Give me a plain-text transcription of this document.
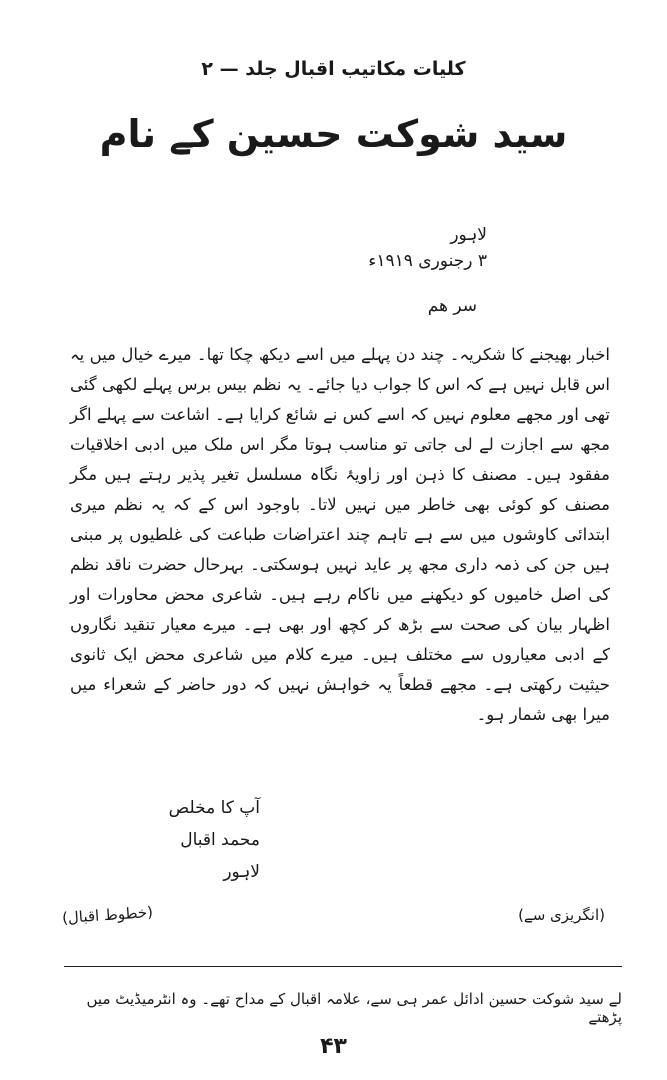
کلیات مکاتیب اقبال جلد — ۲
سید شوکت حسین کے نام
لاہور
۳ رجنوری ۱۹۱۹ء
سر ھم

اخبار بھیجنے کا شکریہ۔ چند دن پہلے میں اسے دیکھ چکا تھا۔ میرے خیال میں یہ اس قابل نہیں ہے کہ اس کا جواب دیا جائے۔ یہ نظم بیس برس پہلے لکھی گئی تھی اور مجھے معلوم نہیں کہ اسے کس نے شائع کرایا ہے۔ اشاعت سے پہلے اگر مجھ سے اجازت لے لی جاتی تو مناسب ہوتا مگر اس ملک میں ادبی اخلاقیات مفقود ہیں۔ مصنف کا ذہن اور زاویۂ نگاہ مسلسل تغیر پذیر رہتے ہیں مگر مصنف کو کوئی بھی خاطر میں نہیں لاتا۔ باوجود اس کے کہ یہ نظم میری ابتدائی کاوشوں میں سے ہے تاہم چند اعتراضات طباعت کی غلطیوں پر مبنی ہیں جن کی ذمہ داری مجھ پر عاید نہیں ہوسکتی۔ بہرحال حضرت ناقد نظم کی اصل خامیوں کو دیکھنے میں ناکام رہے ہیں۔ شاعری محض محاورات اور اظہار بیان کی صحت سے بڑھ کر کچھ اور بھی ہے۔ میرے معیار تنقید نگاروں کے ادبی معیاروں سے مختلف ہیں۔ میرے کلام میں شاعری محض ایک ثانوی حیثیت رکھتی ہے۔ مجھے قطعاً یہ خواہش نہیں کہ دور حاضر کے شعراء میں میرا بھی شمار ہو۔

آپ کا مخلص
محمد اقبال
لاہور
(خطوط اقبال)	(انگریزی سے)
لے سید شوکت حسین ادائل عمر ہی سے، علامہ اقبال کے مداح تھے۔ وہ انٹرمیڈیٹ میں پڑھتے
۴۳
